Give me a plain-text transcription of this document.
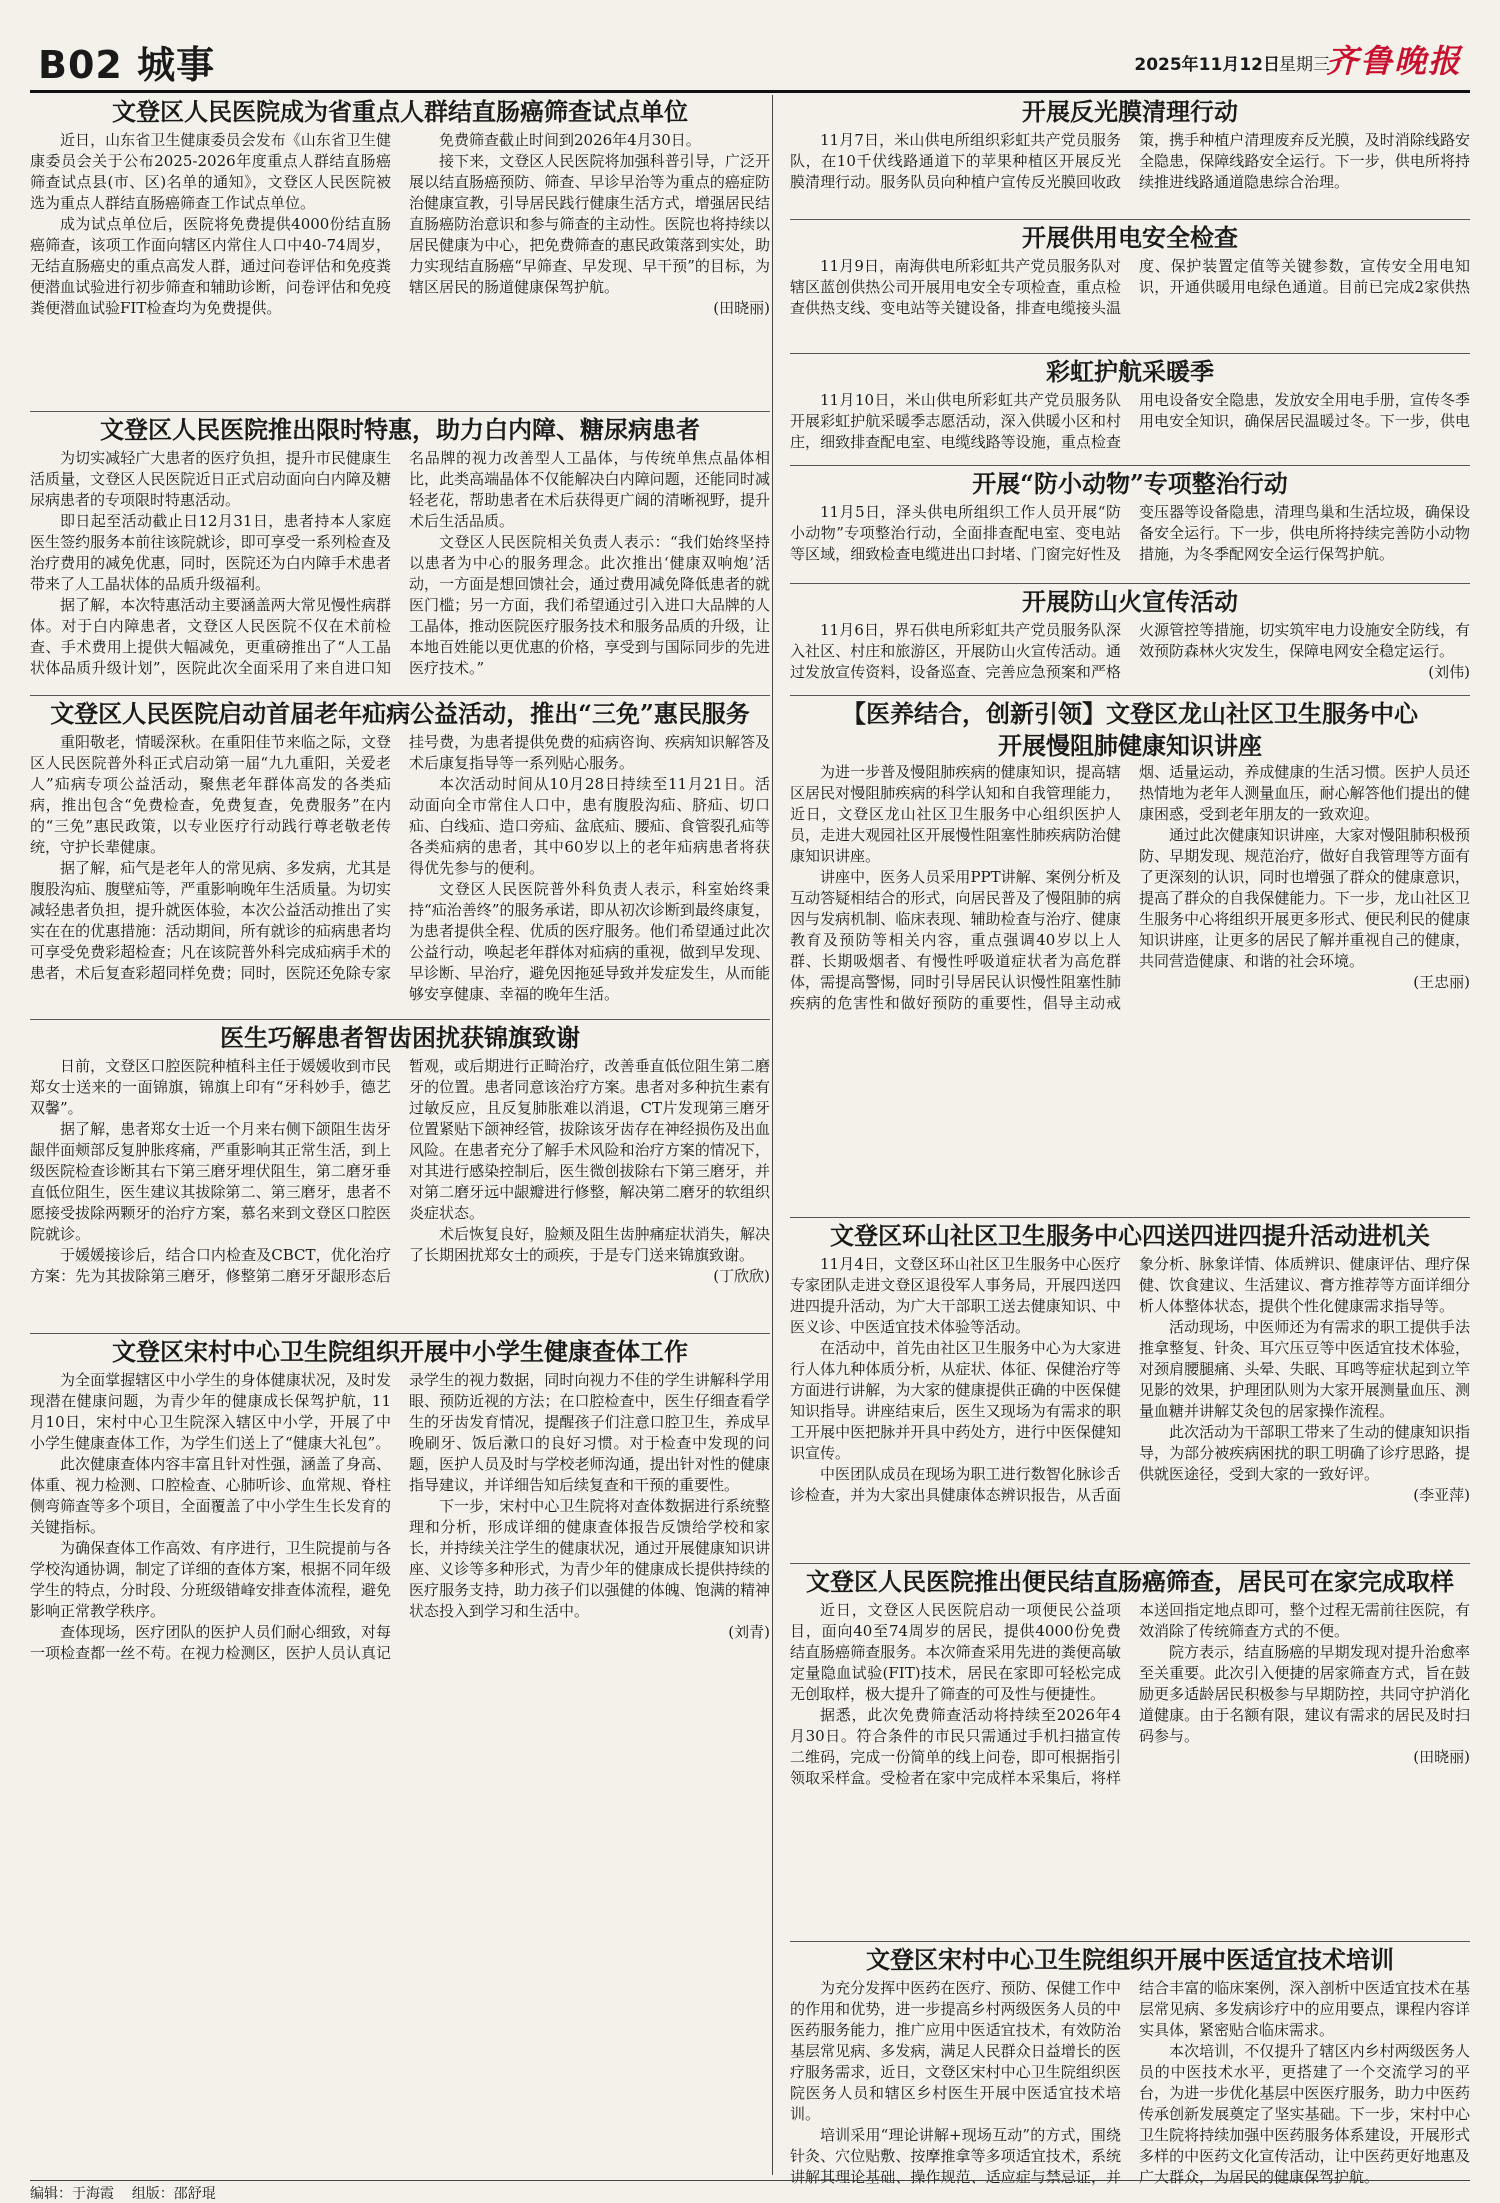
B02 城事	2025年11月12日 星期三
齐鲁晚报
文登区人民医院成为省重点人群结直肠癌筛查试点单位

近日，山东省卫生健康委员会发布《山东省卫生健康委员会关于公布2025-2026年度重点人群结直肠癌筛查试点县(市、区)名单的通知》，文登区人民医院被选为重点人群结直肠癌筛查工作试点单位。

成为试点单位后，医院将免费提供4000份结直肠癌筛查，该项工作面向辖区内常住人口中40-74周岁，无结直肠癌史的重点高发人群，通过问卷评估和免疫粪便潜血试验进行初步筛查和辅助诊断，问卷评估和免疫粪便潜血试验FIT检查均为免费提供。

免费筛查截止时间到2026年4月30日。

接下来，文登区人民医院将加强科普引导，广泛开展以结直肠癌预防、筛查、早诊早治等为重点的癌症防治健康宣教，引导居民践行健康生活方式，增强居民结直肠癌防治意识和参与筛查的主动性。医院也将持续以居民健康为中心，把免费筛查的惠民政策落到实处，助力实现结直肠癌“早筛查、早发现、早干预”的目标，为辖区居民的肠道健康保驾护航。

(田晓丽)
文登区人民医院推出限时特惠，助力白内障、糖尿病患者

为切实减轻广大患者的医疗负担，提升市民健康生活质量，文登区人民医院近日正式启动面向白内障及糖尿病患者的专项限时特惠活动。

即日起至活动截止日12月31日，患者持本人家庭医生签约服务本前往该院就诊，即可享受一系列检查及治疗费用的减免优惠，同时，医院还为白内障手术患者带来了人工晶状体的品质升级福利。

据了解，本次特惠活动主要涵盖两大常见慢性病群体。对于白内障患者，文登区人民医院不仅在术前检查、手术费用上提供大幅减免，更重磅推出了“人工晶状体品质升级计划”，医院此次全面采用了来自进口知名品牌的视力改善型人工晶体，与传统单焦点晶体相比，此类高端晶体不仅能解决白内障问题，还能同时减轻老花，帮助患者在术后获得更广阔的清晰视野，提升术后生活品质。

文登区人民医院相关负责人表示：“我们始终坚持以患者为中心的服务理念。此次推出‘健康双响炮’活动，一方面是想回馈社会，通过费用减免降低患者的就医门槛；另一方面，我们希望通过引入进口大品牌的人工晶体，推动医院医疗服务技术和服务品质的升级，让本地百姓能以更优惠的价格，享受到与国际同步的先进医疗技术。”

文登区人民医院启动首届老年疝病公益活动，推出“三免”惠民服务

重阳敬老，情暖深秋。在重阳佳节来临之际，文登区人民医院普外科正式启动第一届“九九重阳，关爱老人”疝病专项公益活动，聚焦老年群体高发的各类疝病，推出包含“免费检查，免费复查，免费服务”在内的“三免”惠民政策，以专业医疗行动践行尊老敬老传统，守护长辈健康。

据了解，疝气是老年人的常见病、多发病，尤其是腹股沟疝、腹壁疝等，严重影响晚年生活质量。为切实减轻患者负担，提升就医体验，本次公益活动推出了实实在在的优惠措施：活动期间，所有就诊的疝病患者均可享受免费彩超检查；凡在该院普外科完成疝病手术的患者，术后复查彩超同样免费；同时，医院还免除专家挂号费，为患者提供免费的疝病咨询、疾病知识解答及术后康复指导等一系列贴心服务。

本次活动时间从10月28日持续至11月21日。活动面向全市常住人口中，患有腹股沟疝、脐疝、切口疝、白线疝、造口旁疝、盆底疝、腰疝、食管裂孔疝等各类疝病的患者，其中60岁以上的老年疝病患者将获得优先参与的便利。

文登区人民医院普外科负责人表示，科室始终秉持“疝治善终”的服务承诺，即从初次诊断到最终康复，为患者提供全程、优质的医疗服务。他们希望通过此次公益行动，唤起老年群体对疝病的重视，做到早发现、早诊断、早治疗，避免因拖延导致并发症发生，从而能够安享健康、幸福的晚年生活。

医生巧解患者智齿困扰获锦旗致谢

日前，文登区口腔医院种植科主任于媛媛收到市民郑女士送来的一面锦旗，锦旗上印有“牙科妙手，德艺双馨”。

据了解，患者郑女士近一个月来右侧下颌阻生齿牙龈伴面颊部反复肿胀疼痛，严重影响其正常生活，到上级医院检查诊断其右下第三磨牙埋伏阻生，第二磨牙垂直低位阻生，医生建议其拔除第二、第三磨牙，患者不愿接受拔除两颗牙的治疗方案，慕名来到文登区口腔医院就诊。

于媛媛接诊后，结合口内检查及CBCT，优化治疗方案：先为其拔除第三磨牙，修整第二磨牙牙龈形态后暂观，或后期进行正畸治疗，改善垂直低位阻生第二磨牙的位置。患者同意该治疗方案。患者对多种抗生素有过敏反应，且反复肺胀难以消退，CT片发现第三磨牙位置紧贴下颌神经管，拔除该牙齿存在神经损伤及出血风险。在患者充分了解手术风险和治疗方案的情况下，对其进行感染控制后，医生微创拔除右下第三磨牙，并对第二磨牙远中龈瓣进行修整，解决第二磨牙的软组织炎症状态。

术后恢复良好，脸颊及阻生齿肿痛症状消失，解决了长期困扰郑女士的顽疾，于是专门送来锦旗致谢。

(丁欣欣)
文登区宋村中心卫生院组织开展中小学生健康查体工作

为全面掌握辖区中小学生的身体健康状况，及时发现潜在健康问题，为青少年的健康成长保驾护航，11月10日，宋村中心卫生院深入辖区中小学，开展了中小学生健康查体工作，为学生们送上了“健康大礼包”。

此次健康查体内容丰富且针对性强，涵盖了身高、体重、视力检测、口腔检查、心肺听诊、血常规、脊柱侧弯筛查等多个项目，全面覆盖了中小学生生长发育的关键指标。

为确保查体工作高效、有序进行，卫生院提前与各学校沟通协调，制定了详细的查体方案，根据不同年级学生的特点，分时段、分班级错峰安排查体流程，避免影响正常教学秩序。

查体现场，医疗团队的医护人员们耐心细致，对每一项检查都一丝不苟。在视力检测区，医护人员认真记录学生的视力数据，同时向视力不佳的学生讲解科学用眼、预防近视的方法；在口腔检查中，医生仔细查看学生的牙齿发育情况，提醒孩子们注意口腔卫生，养成早晚刷牙、饭后漱口的良好习惯。对于检查中发现的问题，医护人员及时与学校老师沟通，提出针对性的健康指导建议，并详细告知后续复查和干预的重要性。

下一步，宋村中心卫生院将对查体数据进行系统整理和分析，形成详细的健康查体报告反馈给学校和家长，并持续关注学生的健康状况，通过开展健康知识讲座、义诊等多种形式，为青少年的健康成长提供持续的医疗服务支持，助力孩子们以强健的体魄、饱满的精神状态投入到学习和生活中。

(刘青)
开展反光膜清理行动

11月7日，米山供电所组织彩虹共产党员服务队，在10千伏线路通道下的苹果种植区开展反光膜清理行动。服务队员向种植户宣传反光膜回收政策，携手种植户清理废弃反光膜，及时消除线路安全隐患，保障线路安全运行。下一步，供电所将持续推进线路通道隐患综合治理。

开展供用电安全检查

11月9日，南海供电所彩虹共产党员服务队对辖区蓝创供热公司开展用电安全专项检查，重点检查供热支线、变电站等关键设备，排查电缆接头温度、保护装置定值等关键参数，宣传安全用电知识，开通供暖用电绿色通道。目前已完成2家供热

彩虹护航采暖季

11月10日，米山供电所彩虹共产党员服务队开展彩虹护航采暖季志愿活动，深入供暖小区和村庄，细致排查配电室、电缆线路等设施，重点检查用电设备安全隐患，发放安全用电手册，宣传冬季用电安全知识，确保居民温暖过冬。下一步，供电

开展“防小动物”专项整治行动

11月5日，泽头供电所组织工作人员开展“防小动物”专项整治行动，全面排查配电室、变电站等区域，细致检查电缆进出口封堵、门窗完好性及变压器等设备隐患，清理鸟巢和生活垃圾，确保设备安全运行。下一步，供电所将持续完善防小动物措施，为冬季配网安全运行保驾护航。

开展防山火宣传活动

11月6日，界石供电所彩虹共产党员服务队深入社区、村庄和旅游区，开展防山火宣传活动。通过发放宣传资料，设备巡查、完善应急预案和严格火源管控等措施，切实筑牢电力设施安全防线，有效预防森林火灾发生，保障电网安全稳定运行。

(刘伟)
【医养结合，创新引领】文登区龙山社区卫生服务中心
开展慢阻肺健康知识讲座

为进一步普及慢阻肺疾病的健康知识，提高辖区居民对慢阻肺疾病的科学认知和自我管理能力，近日，文登区龙山社区卫生服务中心组织医护人员，走进大观园社区开展慢性阻塞性肺疾病防治健康知识讲座。

讲座中，医务人员采用PPT讲解、案例分析及互动答疑相结合的形式，向居民普及了慢阻肺的病因与发病机制、临床表现、辅助检查与治疗、健康教育及预防等相关内容，重点强调40岁以上人群、长期吸烟者、有慢性呼吸道症状者为高危群体，需提高警惕，同时引导居民认识慢性阻塞性肺疾病的危害性和做好预防的重要性，倡导主动戒烟、适量运动，养成健康的生活习惯。医护人员还热情地为老年人测量血压，耐心解答他们提出的健康困惑，受到老年朋友的一致欢迎。

通过此次健康知识讲座，大家对慢阻肺积极预防、早期发现、规范治疗，做好自我管理等方面有了更深刻的认识，同时也增强了群众的健康意识，提高了群众的自我保健能力。下一步，龙山社区卫生服务中心将组织开展更多形式、便民利民的健康知识讲座，让更多的居民了解并重视自己的健康，共同营造健康、和谐的社会环境。

(王忠丽)
文登区环山社区卫生服务中心四送四进四提升活动进机关

11月4日，文登区环山社区卫生服务中心医疗专家团队走进文登区退役军人事务局，开展四送四进四提升活动，为广大干部职工送去健康知识、中医义诊、中医适宜技术体验等活动。

在活动中，首先由社区卫生服务中心为大家进行人体九种体质分析，从症状、体征、保健治疗等方面进行讲解，为大家的健康提供正确的中医保健知识指导。讲座结束后，医生又现场为有需求的职工开展中医把脉并开具中药处方，进行中医保健知识宣传。

中医团队成员在现场为职工进行数智化脉诊舌诊检查，并为大家出具健康体态辨识报告，从舌面象分析、脉象详情、体质辨识、健康评估、理疗保健、饮食建议、生活建议、膏方推荐等方面详细分析人体整体状态，提供个性化健康需求指导等。

活动现场，中医师还为有需求的职工提供手法推拿整复、针灸、耳穴压豆等中医适宜技术体验，对颈肩腰腿痛、头晕、失眠、耳鸣等症状起到立竿见影的效果，护理团队则为大家开展测量血压、测量血糖并讲解艾灸包的居家操作流程。

此次活动为干部职工带来了生动的健康知识指导，为部分被疾病困扰的职工明确了诊疗思路，提供就医途径，受到大家的一致好评。

(李亚萍)
文登区人民医院推出便民结直肠癌筛查，居民可在家完成取样

近日，文登区人民医院启动一项便民公益项目，面向40至74周岁的居民，提供4000份免费结直肠癌筛查服务。本次筛查采用先进的粪便高敏定量隐血试验(FIT)技术，居民在家即可轻松完成无创取样，极大提升了筛查的可及性与便捷性。

据悉，此次免费筛查活动将持续至2026年4月30日。符合条件的市民只需通过手机扫描宣传二维码，完成一份简单的线上问卷，即可根据指引领取采样盒。受检者在家中完成样本采集后，将样本送回指定地点即可，整个过程无需前往医院，有效消除了传统筛查方式的不便。

院方表示，结直肠癌的早期发现对提升治愈率至关重要。此次引入便捷的居家筛查方式，旨在鼓励更多适龄居民积极参与早期防控，共同守护消化道健康。由于名额有限，建议有需求的居民及时扫码参与。

(田晓丽)
文登区宋村中心卫生院组织开展中医适宜技术培训

为充分发挥中医药在医疗、预防、保健工作中的作用和优势，进一步提高乡村两级医务人员的中医药服务能力，推广应用中医适宜技术，有效防治基层常见病、多发病，满足人民群众日益增长的医疗服务需求，近日，文登区宋村中心卫生院组织医院医务人员和辖区乡村医生开展中医适宜技术培训。

培训采用“理论讲解+现场互动”的方式，围绕针灸、穴位贴敷、按摩推拿等多项适宜技术，系统讲解其理论基础、操作规范、适应症与禁忌证，并结合丰富的临床案例，深入剖析中医适宜技术在基层常见病、多发病诊疗中的应用要点，课程内容详实具体，紧密贴合临床需求。

本次培训，不仅提升了辖区内乡村两级医务人员的中医技术水平，更搭建了一个交流学习的平台，为进一步优化基层中医医疗服务，助力中医药传承创新发展奠定了坚实基础。下一步，宋村中心卫生院将持续加强中医药服务体系建设，开展形式多样的中医药文化宣传活动，让中医药更好地惠及广大群众，为居民的健康保驾护航。

编辑：于海霞 组版：邵舒琨
